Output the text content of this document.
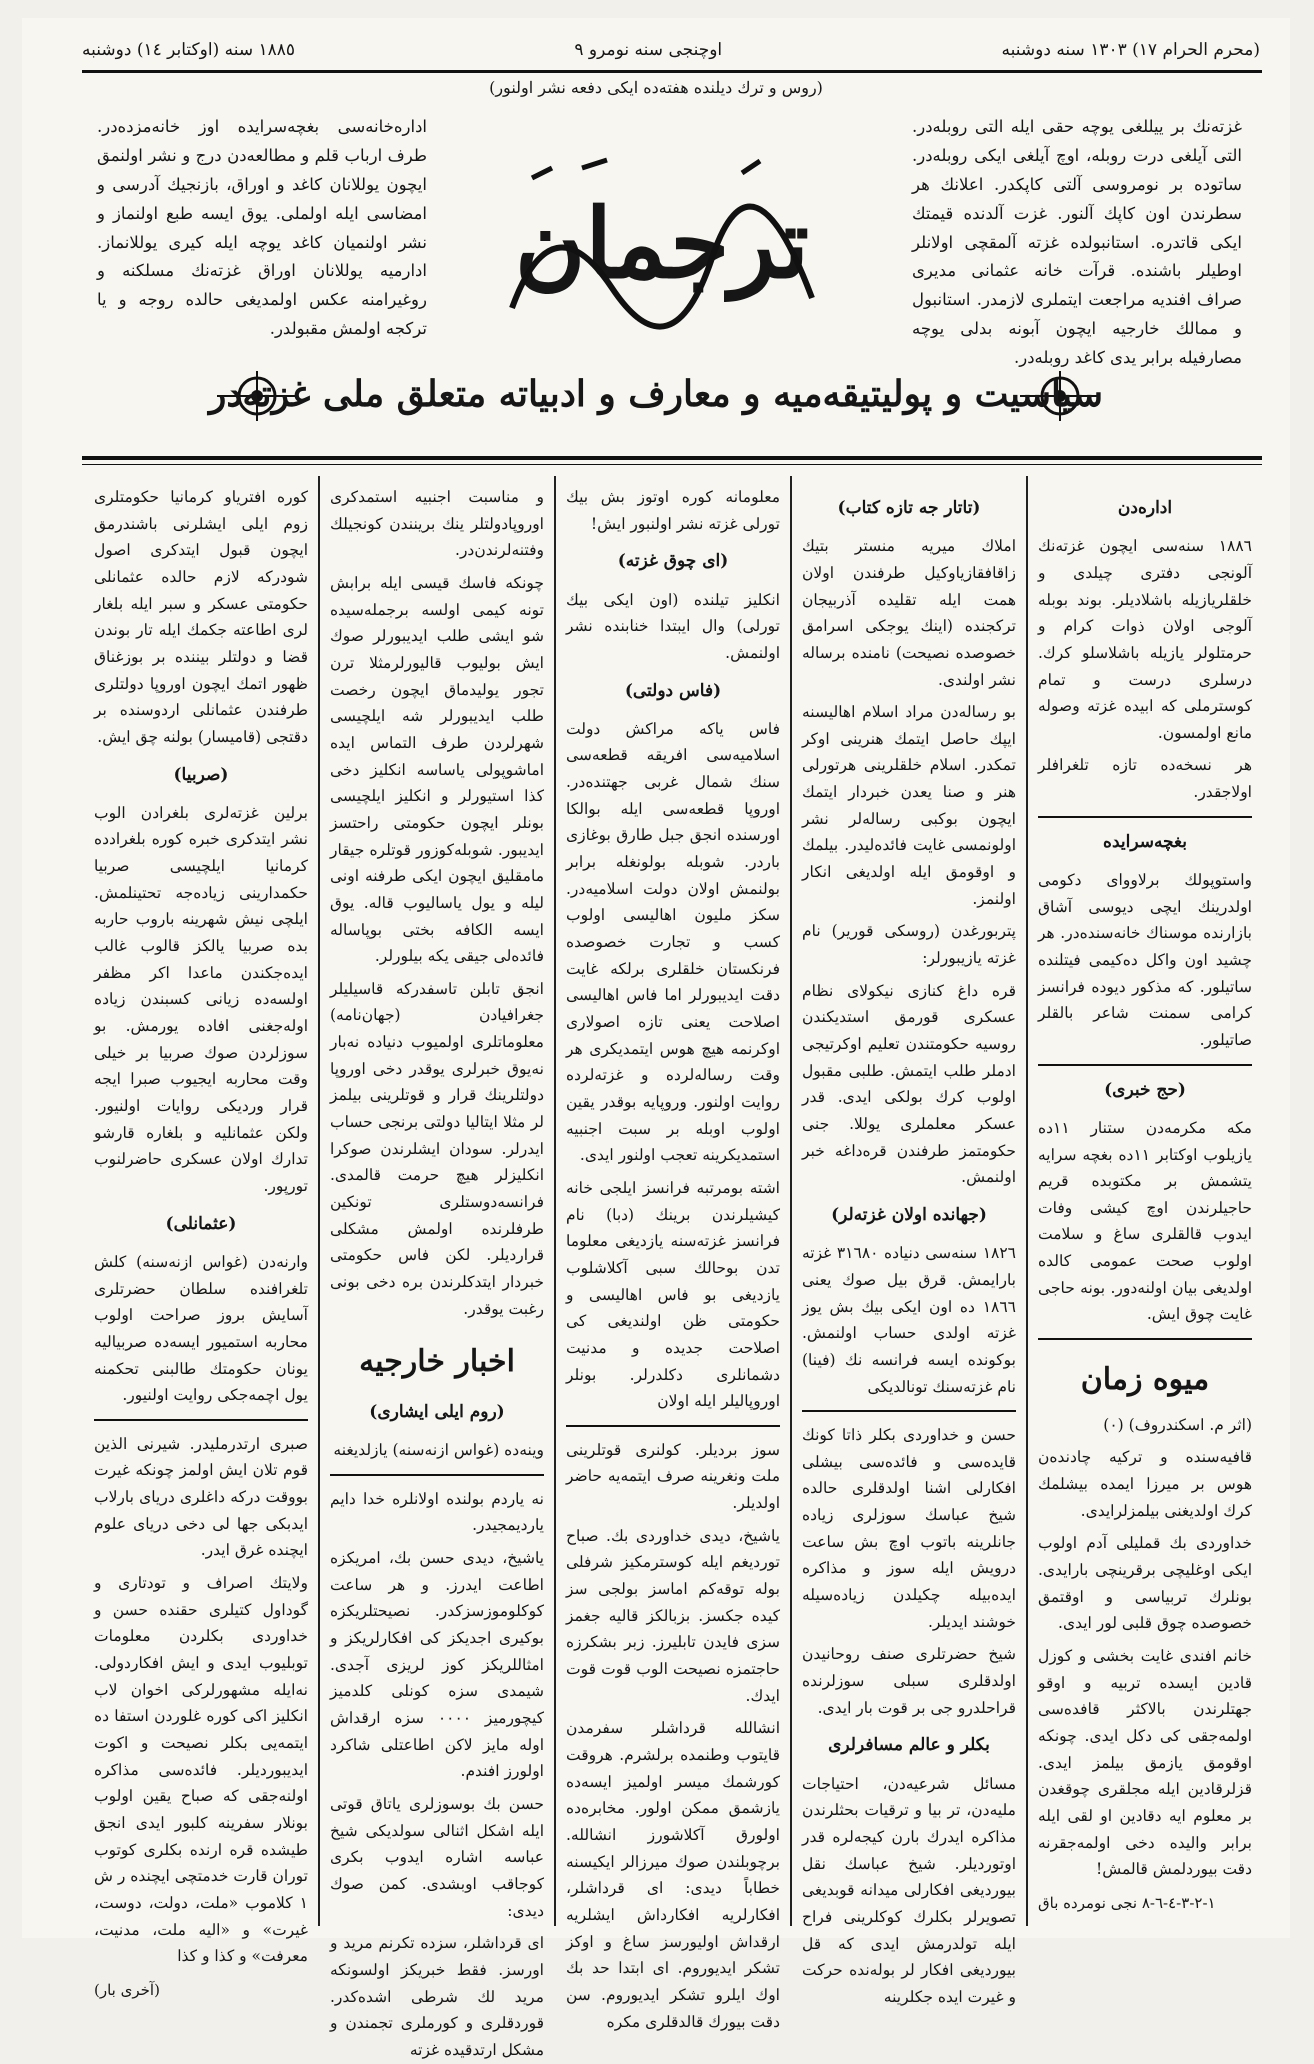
(محرم الحرام ١٧) ١٣٠٣ سنه دوشنبه
اوچنجی سنه نومرو ٩
١٨٨٥ سنه (اوكتابر ١٤) دوشنبه
(روس و ترك دیلنده هفته‌ده ایكی دفعه نشر اولنور)
غزته‌نك بر ییللغی یوچه حقی ایله التی روبله‌در. التی آیلغی درت روبله، اوچ آیلغی ایكی روبله‌در. ساتوده بر نومروسی آلتی كاپكدر. اعلانك هر سطرندن اون كاپك آلنور. غزت آلدنده قیمتك ایكی قاتدره. استانبولده غزته آلمقچی اولانلر اوطیلر باشنده. قرآت خانه عثمانی مدیری صراف افندیه مراجعت ایتملری لازمدر. استانبول و ممالك خارجیه ایچون آبونه بدلی یوچه مصارفیله برابر یدی كاغد روبله‌در.
اداره‌خانه‌سی بغچه‌سرایده اوز خانه‌مزده‌در. طرف ارباب قلم و مطالعه‌دن درج و نشر اولنمق ایچون یوللانان كاغد و اوراق، بازنجیك آدرسی و امضاسی ایله اولملی. یوق ایسه طبع اولنماز و نشر اولنمیان كاغد یوچه ایله كیری یوللانماز. ادارمیه یوللانان اوراق غزته‌نك مسلكنه و روغیرامنه عكس اولمدیغی حالده روجه و یا تركجه اولمش مقبولدر.
ترجمان
سیاسیت و پولیتیقه‌میه و معارف و ادبیاته متعلق ملی غزته‌در
اداره‌دن

١٨٨٦ سنه‌سی ایچون غزته‌نك آلونجی دفتری چیلدی و خلقلریازیله باشلادیلر. بوند بوبله آلوجی اولان ذوات كرام و حرمتلولر یازیله باشلاسلو كرك. درسلری درست و تمام كوسترملی كه ابیده غزته وصوله مانع اولمسون.

هر نسخه‌ده تازه تلغرافلر اولاجقدر.

بغچه‌سرایده

واستوپولك برلاووای دكومی اولدرینك ایچی دیوسی آشاق بازارنده موسناك خانه‌سنده‌در. هر چشید اون واكل ده‌كیمی فیتلنده ساتیلور. كه مذكور دیوده فرانسز كرامی سمنت شاعر بالقلر صاتیلور.

(حج خبری)

مكه مكرمه‌دن ستنار ١١ده یازیلوب اوكتابر ١١ده بغچه سرایه یتشمش بر مكتوبده قریم حاجیلرندن اوچ كیشی وفات ایدوب قالقلری ساغ و سلامت اولوب صحت عمومی كالده اولدیغی بیان اولنه‌دور. بونه حاجی غایت چوق ایش.

میوه زمان

(اثر م. اسكندروف) (٠)

قافیه‌سنده و تركیه چادنده‌ن هوس بر میرزا ایمده بیشلمك كرك اولدیغنی بیلمزلرایدی.

خداوردی بك قملیلی آدم اولوب ایكی اوغلیچی برقرینچی بارایدی. بونلرك تربیاسی و اوقتمق خصوصده چوق قلبی لور ایدی.

خانم افندی غایت بخشی و كوزل قادین ایسده تربیه و اوقو جهتلرندن بالاكثر قافده‌سی اولمه‌جقی كی دكل ایدی. چونكه اوقومق یازمق بیلمز ایدی. قزلرقادین ایله مجلقری چوقغدن بر معلوم ایه دقادین او لقی ایله برابر والیده دخی اولمه‌جقرنه دقت بیوردلمش قالمش!

١-٢-٣-٤-٦-٨ نجی نومرده باق
(تاتار جه تازه كتاب)

املاك میریه منستر بتیك زاقافقازیاوكیل طرفندن اولان همت ایله تقلیده آذربیجان تركجنده (اینك یوجكی اسرامق خصوصده نصیحت) نامنده برساله نشر اولندی.

بو رساله‌دن مراد اسلام اهالیسنه ایپك حاصل ایتمك هنرینی اوكر تمكدر. اسلام خلقلرینی هرتورلی هنر و صنا یعدن خبردار ایتمك ایچون بوكبی رساله‌لر نشر اولونمسی غایت فائده‌لیدر. بیلمك و اوقومق ایله اولدیغی انكار اولنمز.

پتربورغدن (روسكی قوریر) نام غزته یازیبورلر:

قره داغ كنازی نیكولای نظام عسكری قورمق استدیكندن روسیه حكومتندن تعلیم اوكرتیجی ادملر طلب ایتمش. طلبی مقبول اولوب كرك بولكی ایدی. قدر عسكر معلملری یوللا. جنی حكومتمز طرفندن قره‌داغه خبر اولنمش.

(جهانده اولان غزته‌لر)

١٨٢٦ سنه‌سی دنیاده ٣١٦٨٠ غزته بارایمش. قرق بیل صوك یعنی ١٨٦٦ ده اون ایكی بیك بش یوز غزته اولدی حساب اولنمش. بوكونده ایسه فرانسه نك (فینا) نام غزته‌سنك تونالدیكی

حسن و خداوردی بكلر ذاتا كونك قایده‌سی و فائده‌سی بیشلی افكارلی اشنا اولدقلری حالده شیخ عباسك سوزلری زیاده جانلرینه باتوب اوچ بش ساعت درویش ایله سوز و مذاكره ایده‌بیله چكیلدن زیاده‌سیله خوشند ایدیلر.

شیخ حضرتلری صنف روحانیدن اولدقلری سبلی سوزلرنده قراحلدرو جی بر قوت بار ایدی.

بكلر و عالم مسافرلری

مسائل شرعیه‌دن، احتیاجات ملیه‌دن، تر بیا و ترقیات بحثلرندن مذاكره ایدرك بارن كیجه‌لره قدر اوتوردیلر. شیخ عباسك نقل بیوردیغی افكارلی میدانه قوبدیغی تصویرلر بكلرك كوكلرینی فراح ایله تولدرمش ایدی كه قل بیوردیغی افكار لر بوله‌نده حركت و غیرت ایده جكلرینه

معلومانه كوره اوتوز بش بیك تورلی غزته نشر اولنبور ایش!

(ای چوق غزته)

انكلیز تیلنده (اون ایكی بیك تورلی) وال ایبتدا خنابنده نشر اولنمش.

(فاس دولتی)

فاس یاكه مراكش دولت اسلامیه‌سی افریقه قطعه‌سی سنك شمال غربی جهتنده‌در. اوروپا قطعه‌سی ایله بوالكا اورسنده انجق جبل طارق بوغازی باردر. شوبله بولونغله برابر بولنمش اولان دولت اسلامیه‌در. سكز ملیون اهالیسی اولوب كسب و تجارت خصوصده فرنكستان خلقلری برلكه غایت دقت ایدیبورلر اما فاس اهالیسی اصلاحت یعنی تازه اصولاری اوكرنمه هیچ هوس ایتمدیكری هر وقت رساله‌لرده و غزته‌لرده روایت اولنور. وروپایه بوقدر یقین اولوب اوبله بر سبت اجنبیه استمدیكرینه تعجب اولنور ایدی.

اشته بومرتبه فرانسز ایلجی خانه كیشیلرندن برینك (دبا) نام فرانسز غزته‌سنه یازدیغی معلوما تدن بوحالك سبی آكلاشلوب یازدیغی بو فاس اهالیسی و حكومتی ظن اولندیغی كی اصلاحت جدیده و مدنیت دشمانلری دكلدرلر. بونلر اوروپالیلر ایله اولان

سوز بردیلر. كولنری قوتلرینی ملت ونغرینه صرف ایتمه‌یه حاضر اولدیلر.

یاشیخ، دیدی خداوردی بك. صباح توردیغم ایله كوسترمكیز شرفلی بوله توقه‌كم اماسز بولجی سز كیده جكسز. بزبالكز قالیه جغمز سزی فایدن تابلیرز. زبر بشكرزه حاجتمزه نصیحت الوب قوت قوت ایدك.

انشالله قرداشلر سفرمدن قایتوب وطنمده برلشرم. هروقت كورشمك میسر اولمیز ایسه‌ده یازشمق ممكن اولور. مخابره‌ده اولورق آكلاشورز انشالله. برچوبلندن صوك میرزالر ایكیسنه خطاباً دیدی: ای قرداشلر، افكارلریه افكارداش ایشلریه ارقداش اولیورسز ساغ و اوكز تشكر ایدیوروم. ای ابتدا حد بك اوك ایلرو تشكر ایدیوروم. سن دقت بیورك قالدقلری مكره

و مناسبت اجنبیه استمدكری اوروپادولتلر ینك برینندن كونجیلك وفتنه‌لرندن‌در.

چونكه فاسك قیسی ایله برابش تونه كیمی اولسه برجمله‌سیده شو ایشی طلب ایدیبورلر صوك ایش بولیوب قالیورلرمثلا ترن تجور یولیدماق ایچون رخصت طلب ایدیبورلر شه ایلچیسی شهرلردن طرف التماس ایده اماشوپولی یاساسه انكلیز دخی كذا استیورلر و انكلیز ایلچیسی بونلر ایچون حكومتی راحتسز ایدیبور. شوبله‌كوزور قوتلره جیقار مامقلیق ایچون ایكی طرفنه اونی لیله و یول یاسالیوب قاله. یوق ایسه الكافه بختی بوپاساله فائده‌لی جیقی یكه بیلورلر.

انجق تابلن تاسفدركه قاسیلیلر جغرافیادن (جهان‌نامه) معلوماتلری اولمیوب دنیاده نه‌بار نه‌یوق خبرلری یوقدر دخی اوروپا دولتلرینك قرار و قوتلرینی بیلمز لر مثلا ایتالیا دولتی برنجی حساب ایدرلر. سودان ایشلرندن صوكرا انكلیزلر هیچ حرمت قالمدی. فرانسه‌دوستلری تونكین طرفلرنده اولمش مشكلی قراردیلر. لكن فاس حكومتی خبردار ایتدكلرندن بره دخی بونی رغبت یوقدر.

اخبار خارجیه
(روم ایلی ایشاری)

وینه‌ده (غواس ازنه‌سنه) یازلدیغنه

نه یاردم بولنده اولانلره خدا دایم یاردیمجیدر.

یاشیخ، دیدی حسن بك، امریكزه اطاعت ایدرز. و هر ساعت كوكلوموزسزكدر. نصیحتلریكزه بوكیری اجدیكز كی افكارلریكز و امثاللریكز كوز لریزی آجدی. شیمدی سزه كونلی كلدمیز كیچورمیز ٠٠٠٠ سزه ارقداش اوله مایز لاكن اطاعتلی شاكرد اولورز افندم.

حسن بك بوسوزلری ياتاق قوتی ایله اشكل اثنالی سولدیكی شیخ عباسه اشاره ایدوب بكری كوجاقب اوبشدی. كمن صوك دیدی:

ای قرداشلر، سزده تكرنم مرید و اورسز. فقط خبریكز اولسونكه مرید لك شرطی اشده‌كدر. قوردقلری و كورملری تجمندن و مشكل ارتدقیده غزته

كوره افتریاو كرمانیا حكومتلری زوم ایلی ایشلرنی باشندرمق ایچون قبول ایتدكری اصول شودركه لازم حالده عثمانلی حكومتی عسكر و سبر ایله بلغار لری اطاعته جكمك ایله تار بوندن قضا و دولتلر بیننده بر بوزغناق ظهور اتمك ایچون اوروپا دولتلری طرفندن عثمانلی اردوسنده بر دقتجی (قامیسار) بولنه چق ایش.

(صربیا)

برلین غزته‌لری بلغرادن الوب نشر ایتدكری خبره كوره بلغرادده كرمانیا ایلچیسی صربیا حكمدارینی زیاده‌جه تحتینلمش. ایلچی نیش شهرینه باروب حاربه بده صربیا یالكز قالوب غالب ایده‌جكندن ماعدا اكر مظفر اولسه‌ده زیانی كسبندن زیاده اوله‌جغنی افاده یورمش. بو سوزلردن صوك صربیا بر خیلی وقت محاربه ایجیوب صبرا ایجه قرار وردیكی روایات اولنیور. ولكن عثمانلیه و بلغاره قارشو تدارك اولان عسكری حاضرلنوب تورپور.

(عثمانلی)

وارنه‌دن (غواس ازنه‌سنه) كلش تلغرافنده سلطان حضرتلری آسایش بروز صراحت اولوب محاربه استمیور ایسه‌ده صربیالیه یونان حكومتك طالبنی تحكمنه یول اچمه‌جكی روایت اولنیور.

صبری ارتدرمليدر. شیرنی الذین قوم تلان ایش اولمز چونكه غیرت بووقت دركه داغلری دریای بارلاب ایدبكی جها لی دخی دریای علوم ایچنده غرق ایدر.

ولایتك اصراف و تودتاری و گوداول كتیلری حقنده حسن و خداوردی بكلردن معلومات توبلیوب ایدی و ایش افكاردولی. نه‌ایله مشهورلركی اخوان لاب انكلیز اكی كوره غلوردن استفا ده ایتمه‌یی بكلر نصیحت و اكوت ایدیبوردیلر. فائده‌سی مذاكره اولنه‌جقی كه صباح یقین اولوب بونلار سفرینه كلبور ایدی انجق طیشده قره ارنده بكلری كوتوب توران قارت خدمتچی ایچنده ر ش ١ كلاموب «ملت، دولت، دوست، غیرت» و «الیه ملت، مدنیت، معرفت» و كذا و كذا

(آخری بار)
